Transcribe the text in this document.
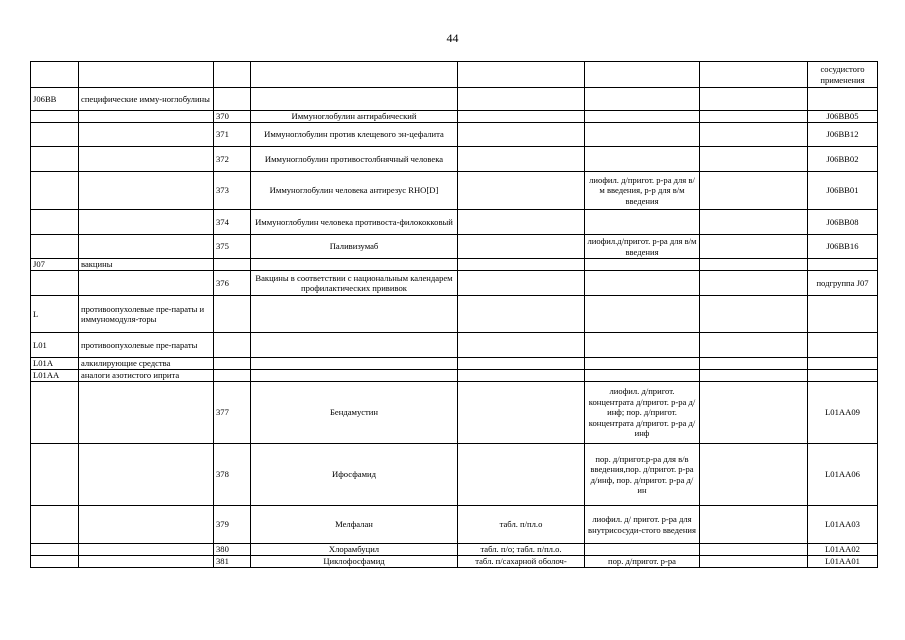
44
							сосудистого применения
J06BB	специфические имму-ноглобулины						
		370	Иммуноглобулин антирабический				J06BB05
		371	Иммуноглобулин против клещевого эн-цефалита				J06BB12
		372	Иммуноглобулин противостолбнячный человека				J06BB02
		373	Иммуноглобулин человека антирезус RHO[D]		лиофил. д/пригот. р-ра для в/м введения, р-р для в/м введения		J06BB01
		374	Иммуноглобулин человека противоста-филококковый				J06BB08
		375	Паливизумаб		лиофил.д/пригот. р-ра для в/м введения		J06BB16
J07	вакцины						
		376	Вакцины в соответствии с национальным календарем профилактических прививок				подгруппа J07
L	противоопухолевые пре-параты и иммуномодуля-торы						
L01	противоопухолевые пре-параты						
L01A	алкилирующие средства						
L01AA	аналоги азотистого иприта						
		377	Бендамустин		лиофил. д/пригот. концентрата д/пригот. р-ра д/инф; пор. д/пригот. концентрата д/пригот. р-ра д/инф		L01AA09
		378	Ифосфамид		пор. д/пригот.р-ра для в/в введения,пор. д/пригот. р-ра д/инф, пор. д/пригот. р-ра д/ин		L01AA06
		379	Мелфалан	табл. п/пл.о	лиофил. д/ пригот. р-ра для внутрисосуди-стого введения		L01AA03
		380	Хлорамбуцил	табл. п/о; табл. п/пл.о.			L01AA02
		381	Циклофосфамид	табл. п/сахарной оболоч-	пор. д/пригот. р-ра		L01AA01
